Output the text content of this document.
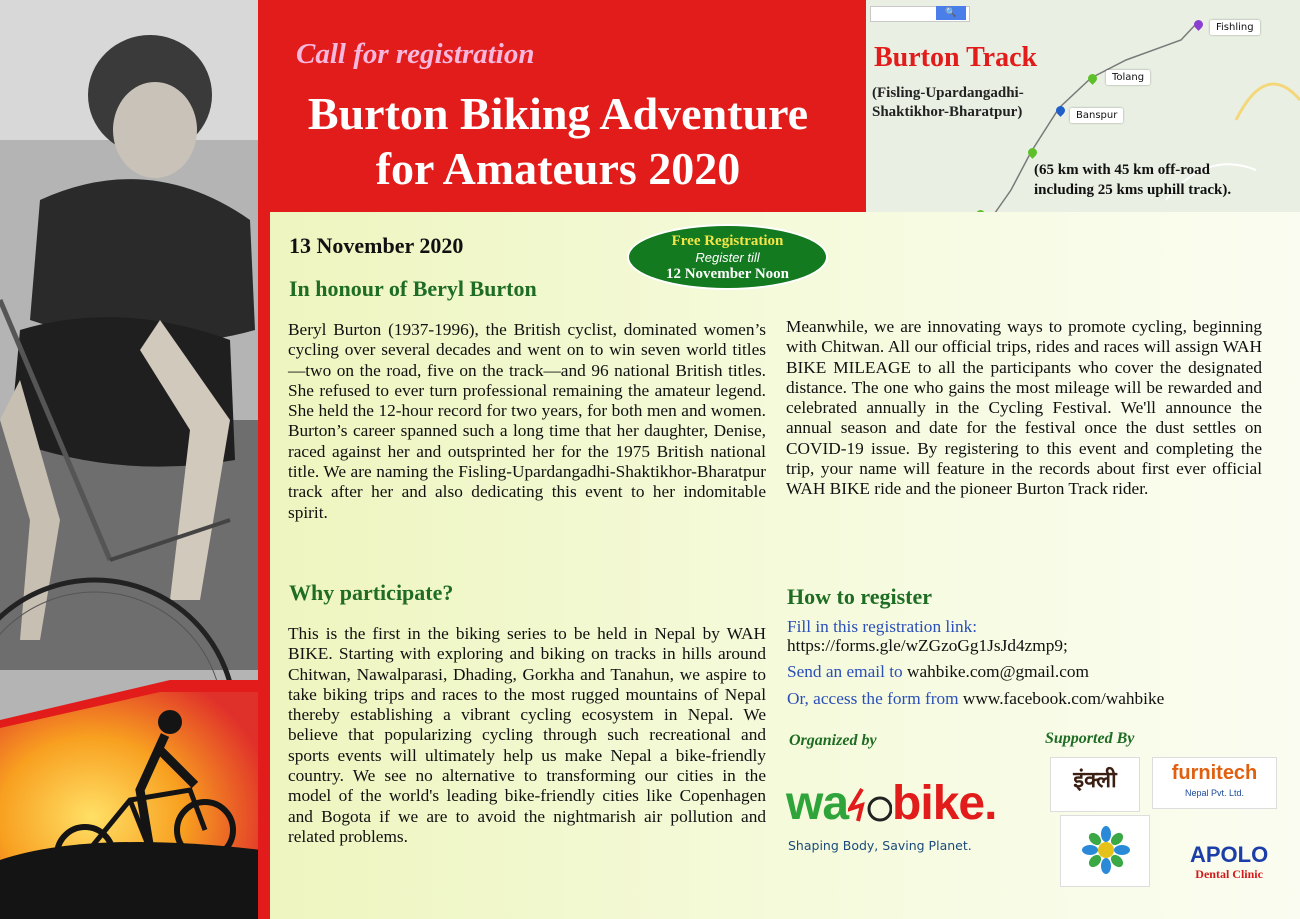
Call for registration
Burton Biking Adventure
for Amateurs 2020
🔍
Fishling
Tolang
Banspur
Burton Track
(Fisling-Upardangadhi-
Shaktikhor-Bharatpur)
(65 km with 45 km off-road
including 25 kms uphill track).
13 November 2020
In honour of Beryl Burton
Free Registration
Register till
12 November Noon

Beryl Burton (1937-1996), the British cyclist, dominated women’s cycling over several decades and went on to win seven world titles—two on the road, five on the track—and 96 national British titles. She refused to ever turn professional remaining the amateur legend. She held the 12-hour record for two years, for both men and women. Burton’s career spanned such a long time that her daughter, Denise, raced against her and outsprinted her for the 1975 British national title. We are naming the Fisling-Upardangadhi-Shaktikhor-Bharatpur track after her and also dedicating this event to her indomitable spirit.

Why participate?

This is the first in the biking series to be held in Nepal by WAH BIKE. Starting with exploring and biking on tracks in hills around Chitwan, Nawalparasi, Dhading, Gorkha and Tanahun, we aspire to take biking trips and races to the most rugged mountains of Nepal thereby establishing a vibrant cycling ecosystem in Nepal. We believe that popularizing cycling through such recreational and sports events will ultimately help us make Nepal a bike-friendly country. We see no alternative to transforming our cities in the model of the world's leading bike-friendly cities like Copenhagen and Bogota if we are to avoid the nightmarish air pollution and related problems.

Meanwhile, we are innovating ways to promote cycling, beginning with Chitwan. All our official trips, rides and races will assign WAH BIKE MILEAGE to all the participants who cover the designated distance. The one who gains the most mileage will be rewarded and celebrated annually in the Cycling Festival. We'll announce the annual season and date for the festival once the dust settles on COVID-19 issue. By registering to this event and completing the trip, your name will feature in the records about first ever official WAH BIKE ride and the pioneer Burton Track rider.

How to register
Fill in this registration link:
https://forms.gle/wZGzoGg1JsJd4zmp9;
Send an email to wahbike.com@gmail.com
Or, access the form from www.facebook.com/wahbike
Organized by	Supported By
wa bike.
Shaping Body, Saving Planet.
इंक्ली	furnitech
Nepal Pvt. Ltd.
APOLO
Dental Clinic
